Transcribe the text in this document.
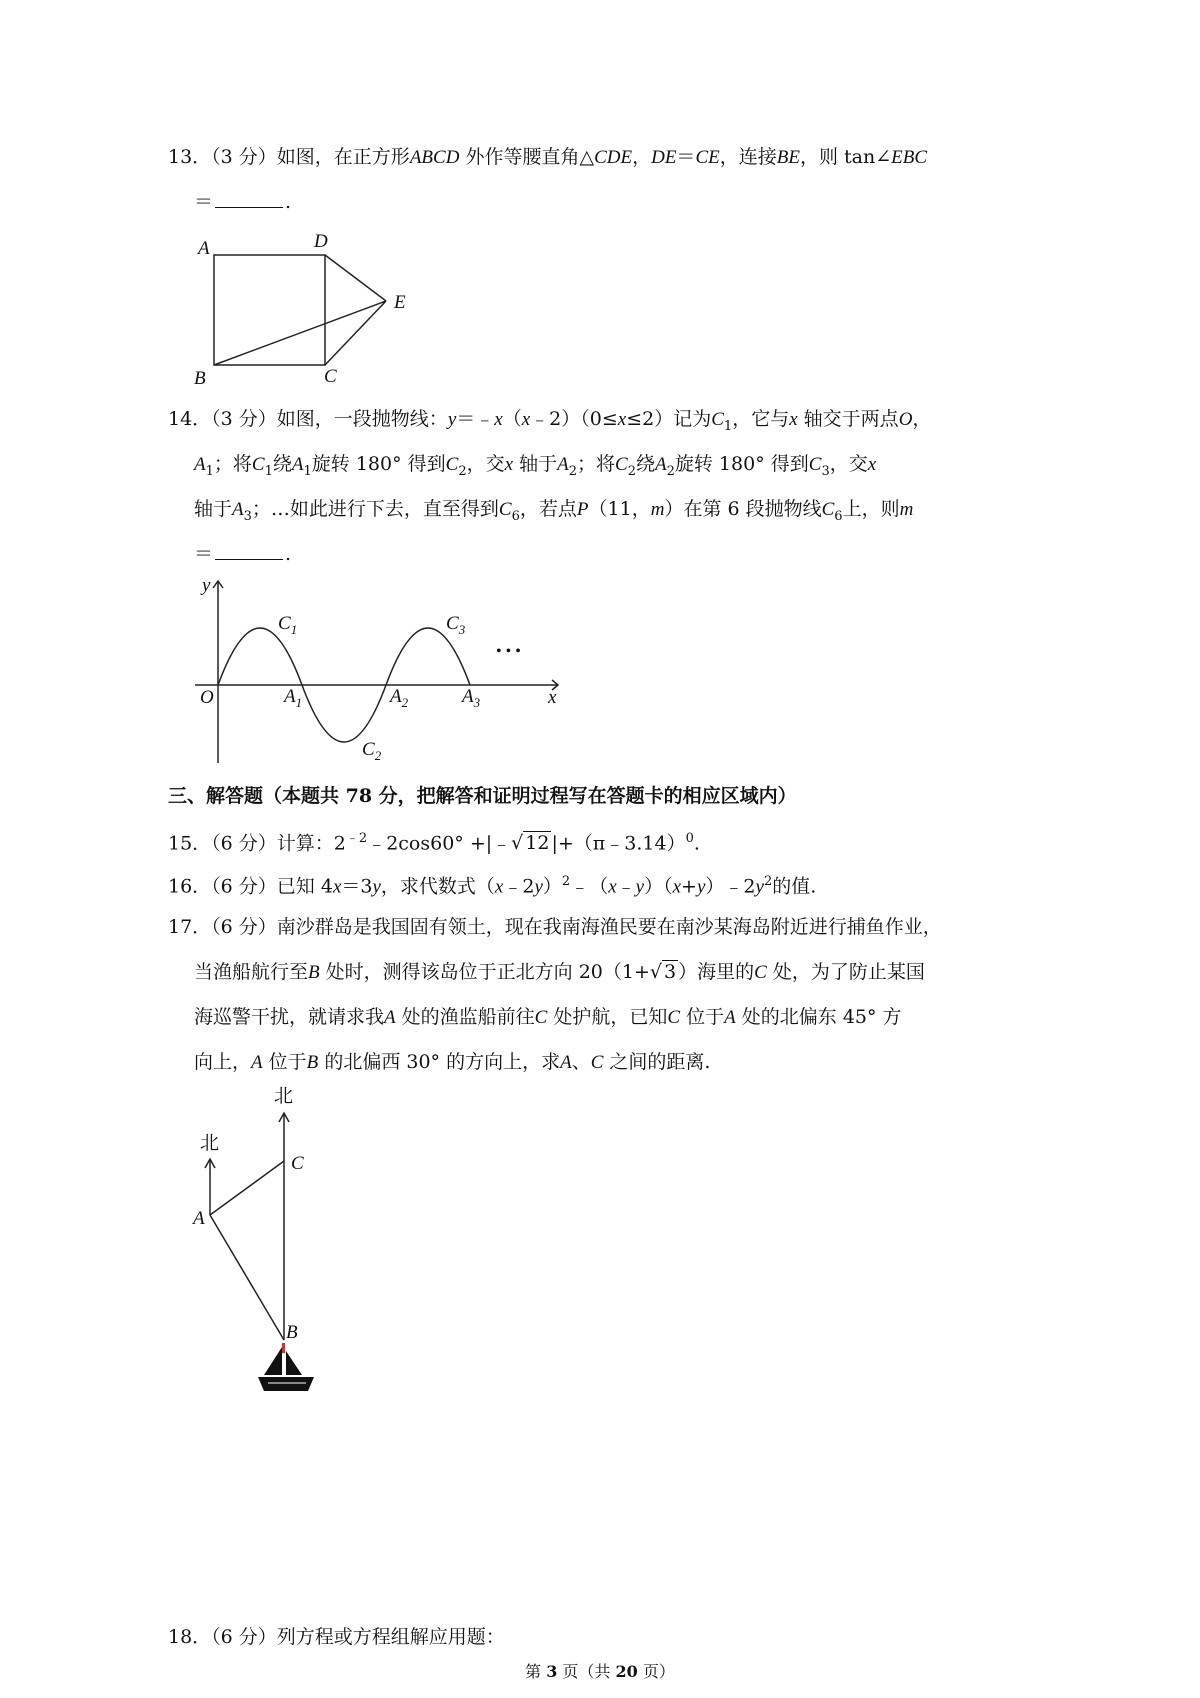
13．（3 分）如图，在正方形ABCD 外作等腰直角△CDE，DE＝CE，连接BE，则 tan∠EBC
＝	.
A	D
E
B	C
14．（3 分）如图，一段抛物线：y＝﹣x（x﹣2）（0≤x≤2）记为$C_1$，它与x 轴交于两点O，
$A_1$；将$C_1$绕$A_1$旋转 180° 得到$C_2$，交x 轴于$A_2$；将$C_2$绕$A_2$旋转 180° 得到$C_3$，交x
轴于$A_3$；…如此进行下去，直至得到$C_6$，若点P（11，m）在第 6 段抛物线$C_6$上，则m
＝	.
y
x
O
$C_1$
$C_2$
$C_3$
$A_1$	$A_2$	$A_3$
• • •
三、解答题（本题共 78 分，把解答和证明过程写在答题卡的相应区域内）
15．（6 分）计算：$2^{﹣2}﹣2\cos 60^\circ$ +|﹣√ 12 |+（π﹣3.14）$^0$.
16．（6 分）已知 4x＝3y，求代数式$(x﹣2y)^2﹣(x﹣y)(x+y)﹣2y^2$的值.
17．（6 分）南沙群岛是我国固有领土，现在我南海渔民要在南沙某海岛附近进行捕鱼作业，
当渔船航行至B 处时，测得该岛位于正北方向 20（1+√ 3 ）海里的C 处，为了防止某国
海巡警干扰，就请求我A 处的渔监船前往C 处护航，已知C 位于A 处的北偏东 45° 方
向上，A 位于B 的北偏西 30° 的方向上，求A、C 之间的距离.
北
北
C
A
B
18．（6 分）列方程或方程组解应用题：
第 3 页（共 20 页）
